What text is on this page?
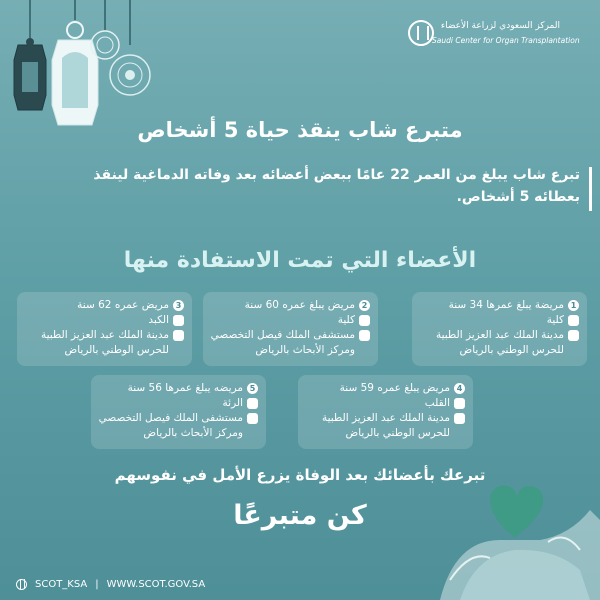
المركز السعودي لزراعة الأعضاء
Saudi Center for Organ Transplantation
متبرع شاب ينقذ حياة 5 أشخاص
تبرع شاب يبلغ من العمر 22 عامًا ببعض أعضائه بعد وفاته الدماغية لينقذ بعطائه 5 أشخاص.
الأعضاء التي تمت الاستفادة منها
1
مريضة يبلغ عمرها 34 سنة
كلية
مدينة الملك عبد العزيز الطبية
للحرس الوطني بالرياض
2
مريض يبلغ عمره 60 سنة
كلية
مستشفى الملك فيصل التخصصي
ومركز الأبحاث بالرياض
3
مريض عمره 62 سنة
الكبد
مدينة الملك عبد العزيز الطبية
للحرس الوطني بالرياض
4
مريض يبلغ عمره 59 سنة
القلب
مدينة الملك عبد العزيز الطبية
للحرس الوطني بالرياض
5
مريضه يبلغ عمرها 56 سنة
الرئة
مستشفى الملك فيصل التخصصي
ومركز الأبحاث بالرياض
تبرعك بأعضائك بعد الوفاة يزرع الأمل في نفوسهم
كن متبرعًا
SCOT_KSA | WWW.SCOT.GOV.SA
